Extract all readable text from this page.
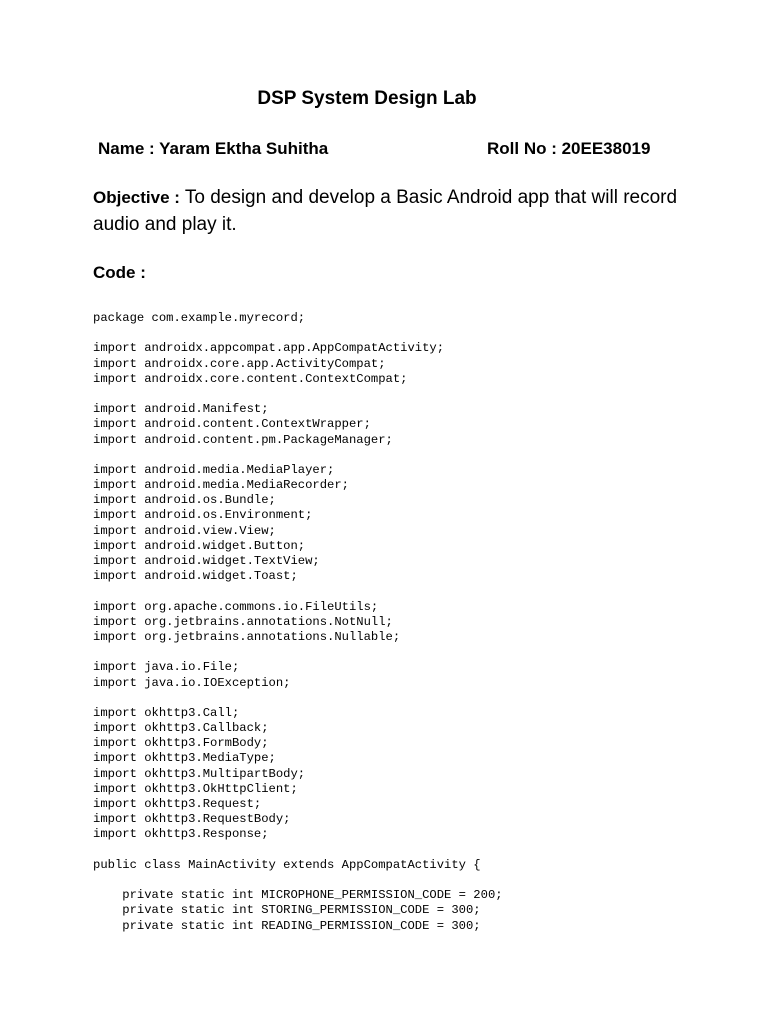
DSP System Design Lab
Name : Yaram Ektha Suhitha	Roll No : 20EE38019

Objective : To design and develop a Basic Android app that will record audio and play it.

Code :
package com.example.myrecord;
import androidx.appcompat.app.AppCompatActivity;
import androidx.core.app.ActivityCompat;
import androidx.core.content.ContextCompat;
import android.Manifest;
import android.content.ContextWrapper;
import android.content.pm.PackageManager;
import android.media.MediaPlayer;
import android.media.MediaRecorder;
import android.os.Bundle;
import android.os.Environment;
import android.view.View;
import android.widget.Button;
import android.widget.TextView;
import android.widget.Toast;
import org.apache.commons.io.FileUtils;
import org.jetbrains.annotations.NotNull;
import org.jetbrains.annotations.Nullable;
import java.io.File;
import java.io.IOException;
import okhttp3.Call;
import okhttp3.Callback;
import okhttp3.FormBody;
import okhttp3.MediaType;
import okhttp3.MultipartBody;
import okhttp3.OkHttpClient;
import okhttp3.Request;
import okhttp3.RequestBody;
import okhttp3.Response;
public class MainActivity extends AppCompatActivity {
private static int MICROPHONE_PERMISSION_CODE = 200;
private static int STORING_PERMISSION_CODE = 300;
private static int READING_PERMISSION_CODE = 300;
